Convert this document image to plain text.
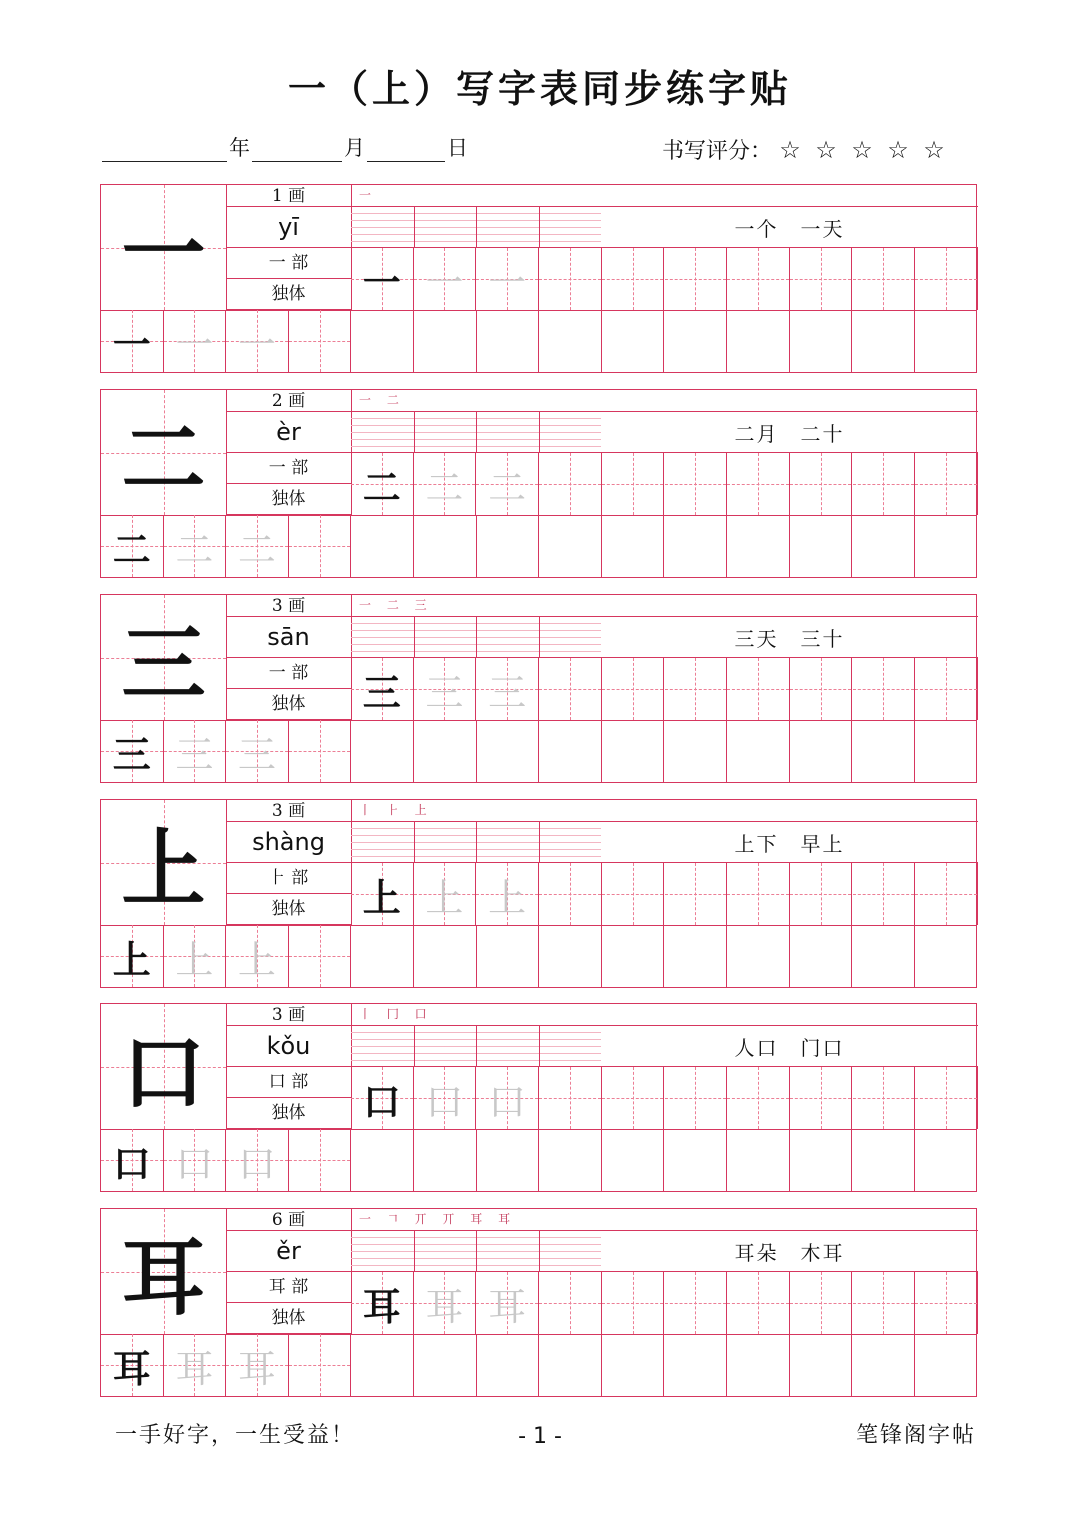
一（上）写字表同步练字贴
年	月	日	书写评分： ☆ ☆ ☆ ☆ ☆
一
1 画
yī
一 部
独体
一
一个　一天
一 一 一
一 一 一
二
2 画
èr
一 部
独体
一 二
二月　二十
二 二 二
二 二 二
三
3 画
sān
一 部
独体
一 二 三
三天　三十
三 三 三
三 三 三
上
3 画
shàng
⺊ 部
独体
丨 ⺊ 上
上下　早上
上 上 上
上 上 上
口
3 画
kǒu
口 部
独体
丨 冂 口
人口　门口
口 口 口
口 口 口
耳
6 画
ěr
耳 部
独体
一 𠃍 丌 丌 耳 耳
耳朵　木耳
耳 耳 耳
耳 耳 耳
一手好字，一生受益！	- 1 -	笔锋阁字帖
